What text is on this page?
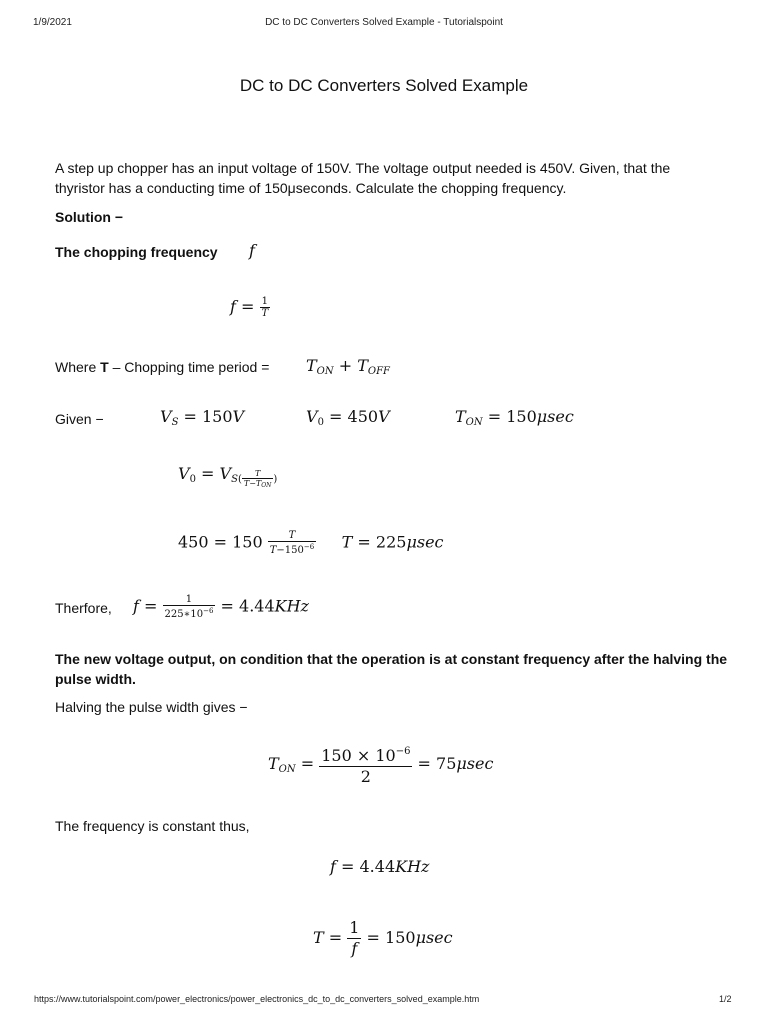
1/9/2021	DC to DC Converters Solved Example - Tutorialspoint
DC to DC Converters Solved Example
A step up chopper has an input voltage of 150V. The voltage output needed is 450V. Given, that the thyristor has a conducting time of 150μseconds. Calculate the chopping frequency.
Solution −
The chopping frequency f
$f = \frac{1}{T}$
Where T – Chopping time period = $T_{ON} + T_{OFF}$
Given −	$V_S = 150V$	$V_0 = 450V$	$T_{ON} = 150\mu\sec$
$V_0 = V_{S( \frac{T}{T-T_{ON}} )}$
$450 = 150 \frac{T}{T-150^{-6}}$ T = 225μsec
Therfore, $f = \frac{1}{225∗10^{-6}} = 4.44KHz$
The new voltage output, on condition that the operation is at constant frequency after the halving the pulse width.
Halving the pulse width gives −
$T_{ON} = \frac{150 \times 10^{-6}}{2} = 75\mu\sec$
The frequency is constant thus,
f = 4.44KHz
$T = \frac{1}{f} = 150\mu\sec$
https://www.tutorialspoint.com/power_electronics/power_electronics_dc_to_dc_converters_solved_example.htm	1/2
